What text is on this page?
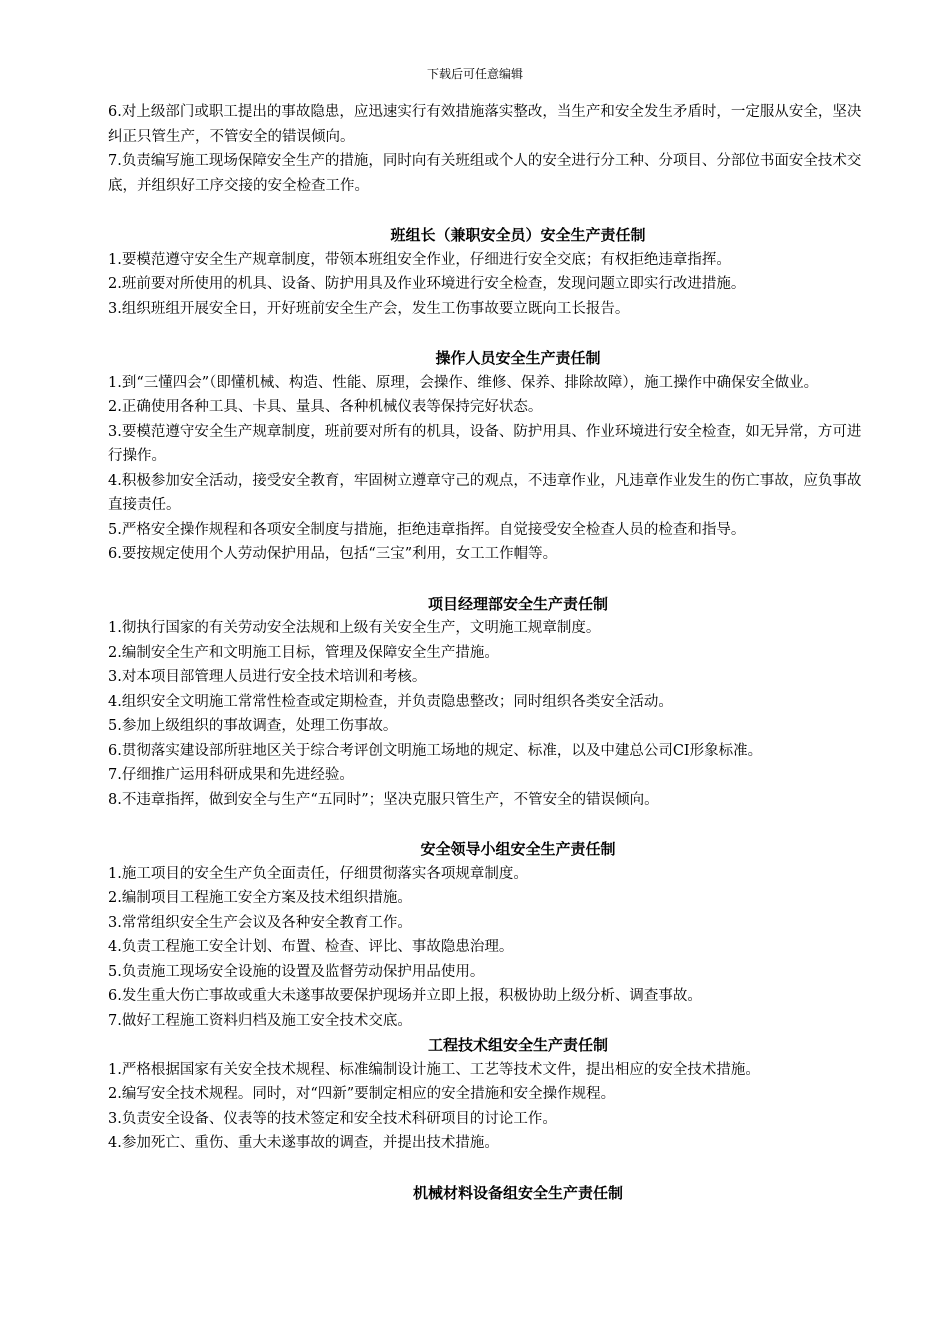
下载后可任意编辑

6.对上级部门或职工提出的事故隐患，应迅速实行有效措施落实整改，当生产和安全发生矛盾时，一定服从安全，坚决纠正只管生产，不管安全的错误倾向。

7.负责编写施工现场保障安全生产的措施，同时向有关班组或个人的安全进行分工种、分项目、分部位书面安全技术交底，并组织好工序交接的安全检查工作。

班组长（兼职安全员）安全生产责任制

1.要模范遵守安全生产规章制度，带领本班组安全作业，仔细进行安全交底；有权拒绝违章指挥。

2.班前要对所使用的机具、设备、防护用具及作业环境进行安全检查，发现问题立即实行改进措施。

3.组织班组开展安全日，开好班前安全生产会，发生工伤事故要立既向工长报告。

操作人员安全生产责任制

1.到“三懂四会”（即懂机械、构造、性能、原理，会操作、维修、保养、排除故障），施工操作中确保安全做业。

2.正确使用各种工具、卡具、量具、各种机械仪表等保持完好状态。

3.要模范遵守安全生产规章制度，班前要对所有的机具，设备、防护用具、作业环境进行安全检查，如无异常，方可进行操作。

4.积极参加安全活动，接受安全教育，牢固树立遵章守己的观点，不违章作业，凡违章作业发生的伤亡事故，应负事故直接责任。

5.严格安全操作规程和各项安全制度与措施，拒绝违章指挥。自觉接受安全检查人员的检查和指导。

6.要按规定使用个人劳动保护用品，包括“三宝”利用，女工工作帽等。

项目经理部安全生产责任制

1.彻执行国家的有关劳动安全法规和上级有关安全生产，文明施工规章制度。

2.编制安全生产和文明施工目标，管理及保障安全生产措施。

3.对本项目部管理人员进行安全技术培训和考核。

4.组织安全文明施工常常性检查或定期检查，并负责隐患整改；同时组织各类安全活动。

5.参加上级组织的事故调查，处理工伤事故。

6.贯彻落实建设部所驻地区关于综合考评创文明施工场地的规定、标准，以及中建总公司CI形象标准。

7.仔细推广运用科研成果和先进经验。

8.不违章指挥，做到安全与生产“五同时”；坚决克服只管生产，不管安全的错误倾向。

安全领导小组安全生产责任制

1.施工项目的安全生产负全面责任，仔细贯彻落实各项规章制度。

2.编制项目工程施工安全方案及技术组织措施。

3.常常组织安全生产会议及各种安全教育工作。

4.负责工程施工安全计划、布置、检查、评比、事故隐患治理。

5.负责施工现场安全设施的设置及监督劳动保护用品使用。

6.发生重大伤亡事故或重大未遂事故要保护现场并立即上报，积极协助上级分析、调查事故。

7.做好工程施工资料归档及施工安全技术交底。

工程技术组安全生产责任制

1.严格根据国家有关安全技术规程、标准编制设计施工、工艺等技术文件，提出相应的安全技术措施。

2.编写安全技术规程。同时，对“四新”要制定相应的安全措施和安全操作规程。

3.负责安全设备、仪表等的技术签定和安全技术科研项目的讨论工作。

4.参加死亡、重伤、重大未遂事故的调查，并提出技术措施。

机械材料设备组安全生产责任制
